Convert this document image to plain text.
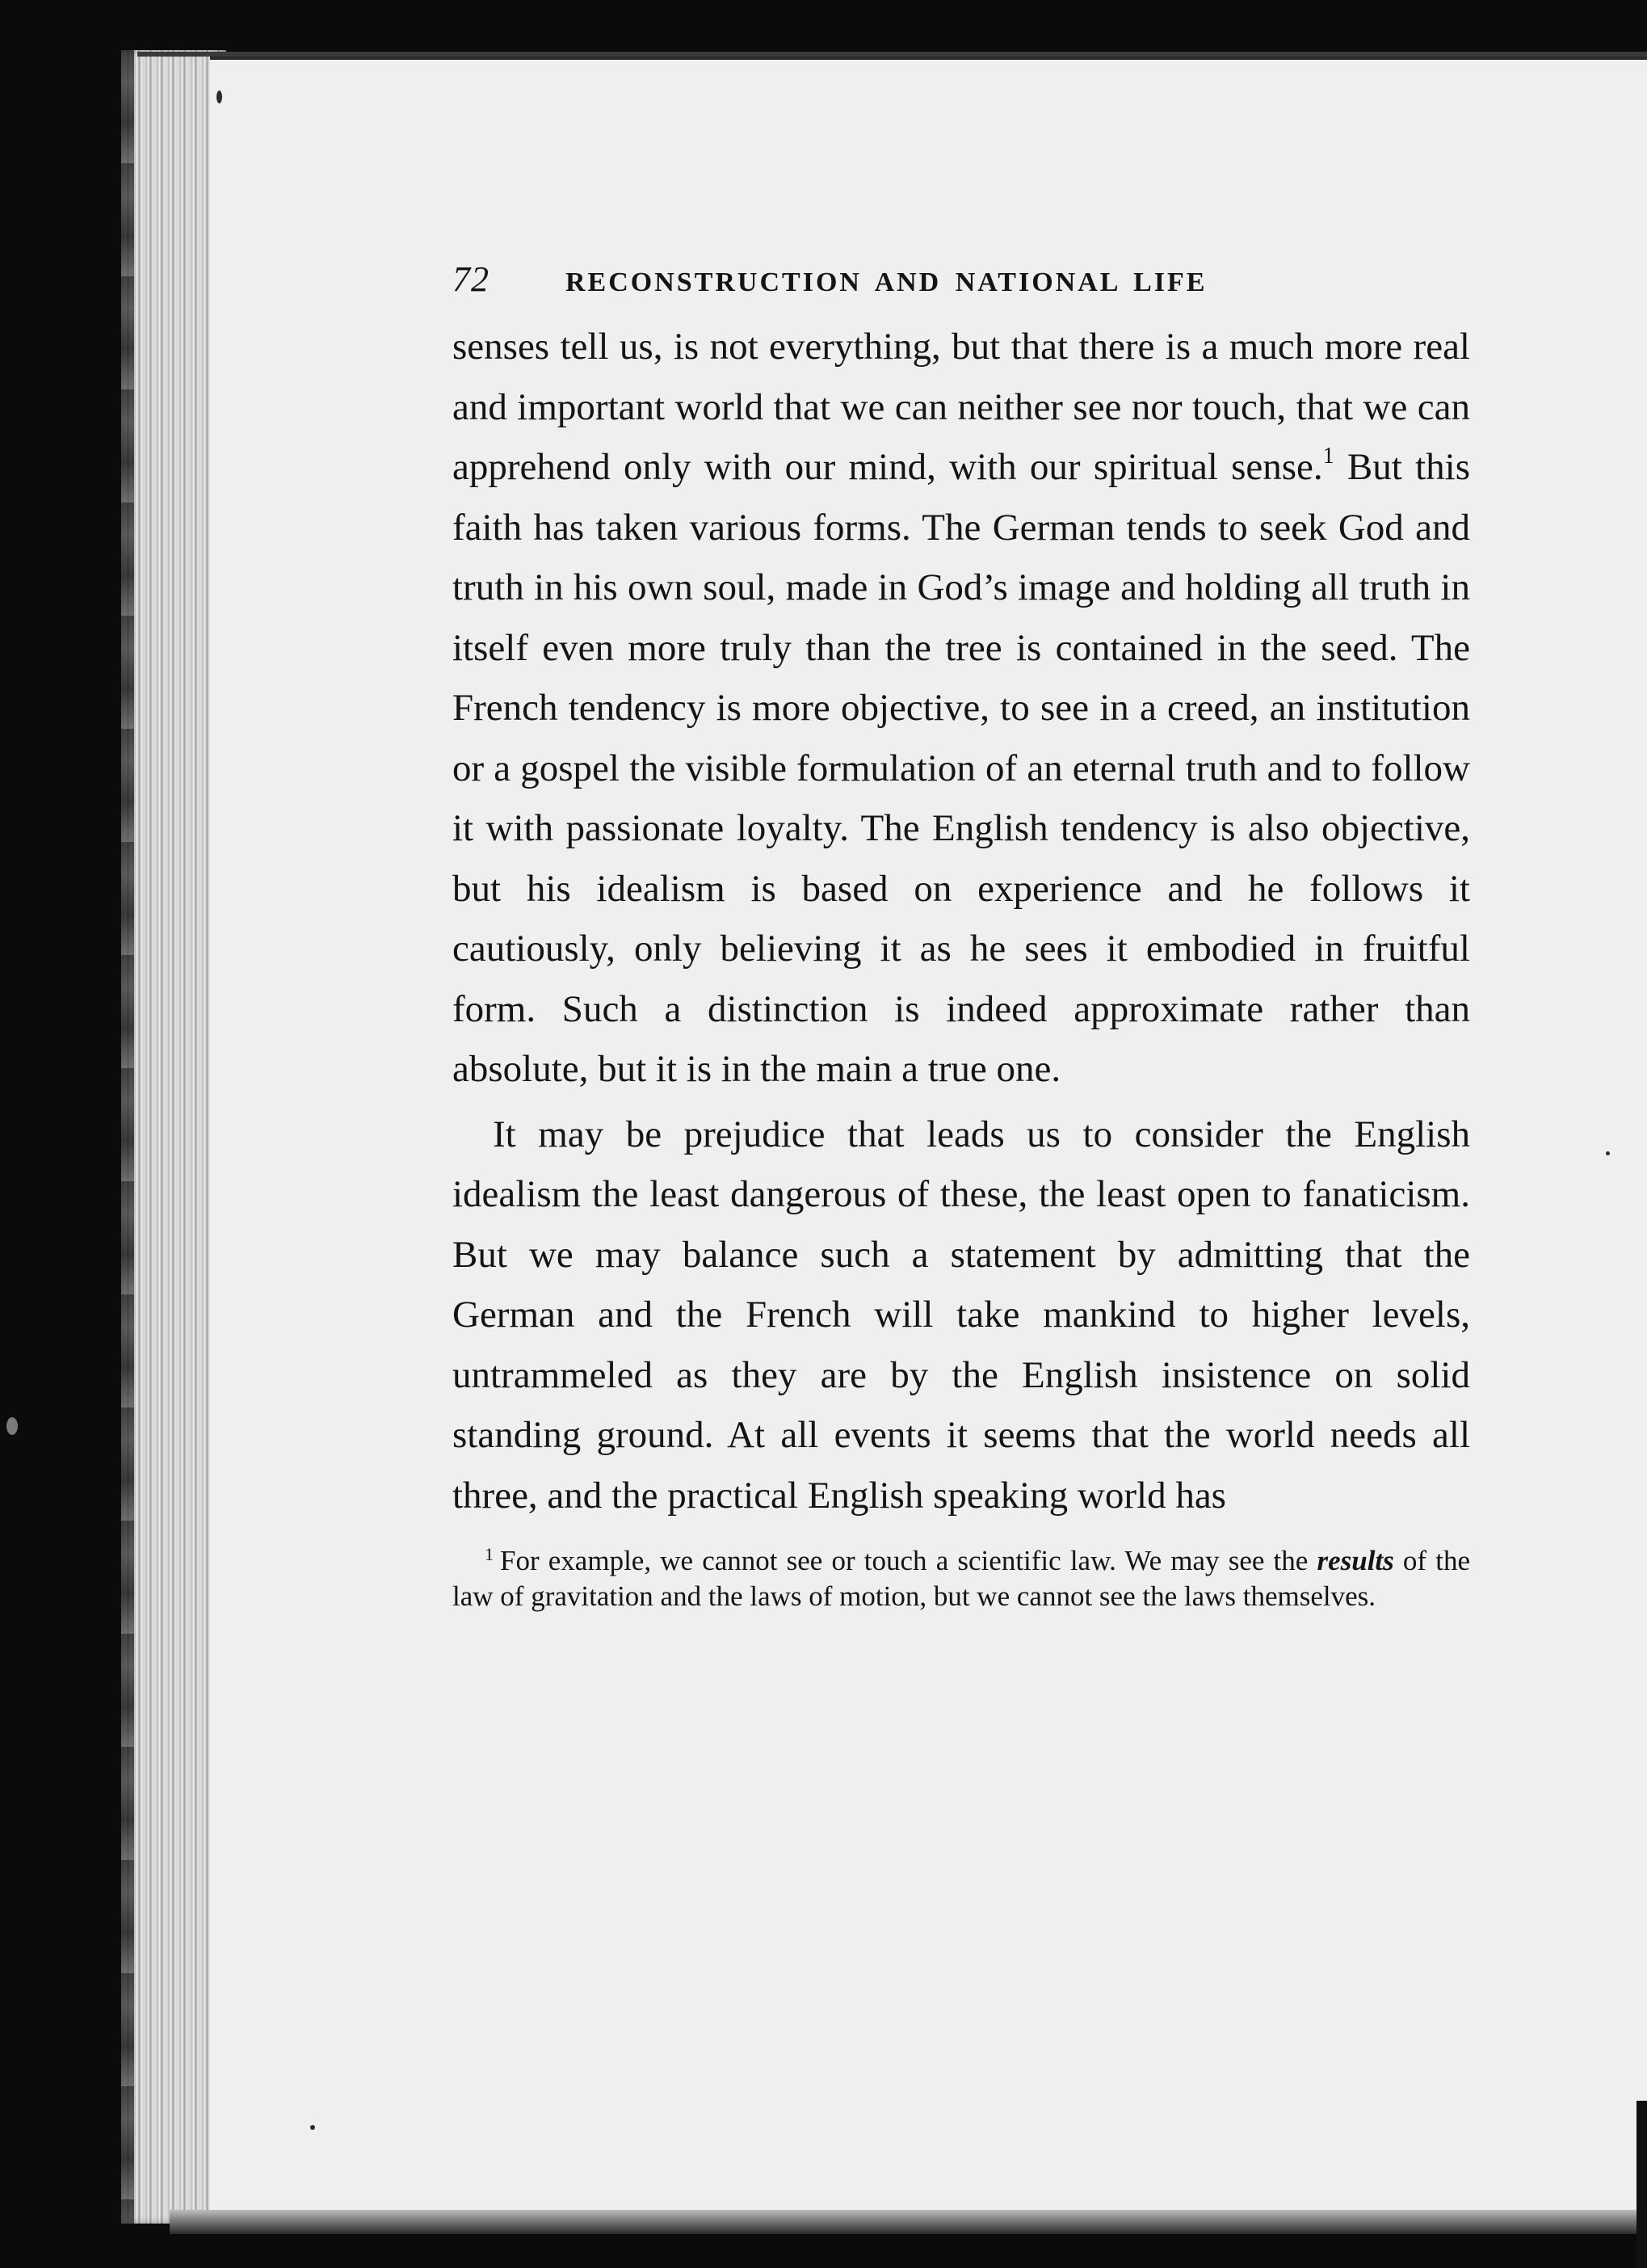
72	RECONSTRUCTION AND NATIONAL LIFE

senses tell us, is not everything, but that there is a much more real and important world that we can neither see nor touch, that we can apprehend only with our mind, with our spiritual sense.$^1$ But this faith has taken various forms. The German tends to seek God and truth in his own soul, made in God’s image and holding all truth in itself even more truly than the tree is contained in the seed. The French tendency is more objective, to see in a creed, an institution or a gospel the visible formulation of an eternal truth and to follow it with passionate loyalty. The English tendency is also objective, but his idealism is based on experience and he follows it cautiously, only believing it as he sees it embodied in fruitful form. Such a distinction is indeed approximate rather than absolute, but it is in the main a true one.

It may be prejudice that leads us to consider the English idealism the least dangerous of these, the least open to fanaticism. But we may balance such a statement by admitting that the German and the French will take mankind to higher levels, untrammeled as they are by the English insistence on solid standing ground. At all events it seems that the world needs all three, and the practical English speaking world has

$^1$ For example, we cannot see or touch a scientific law. We may see the results of the law of gravitation and the laws of motion, but we cannot see the laws themselves.
